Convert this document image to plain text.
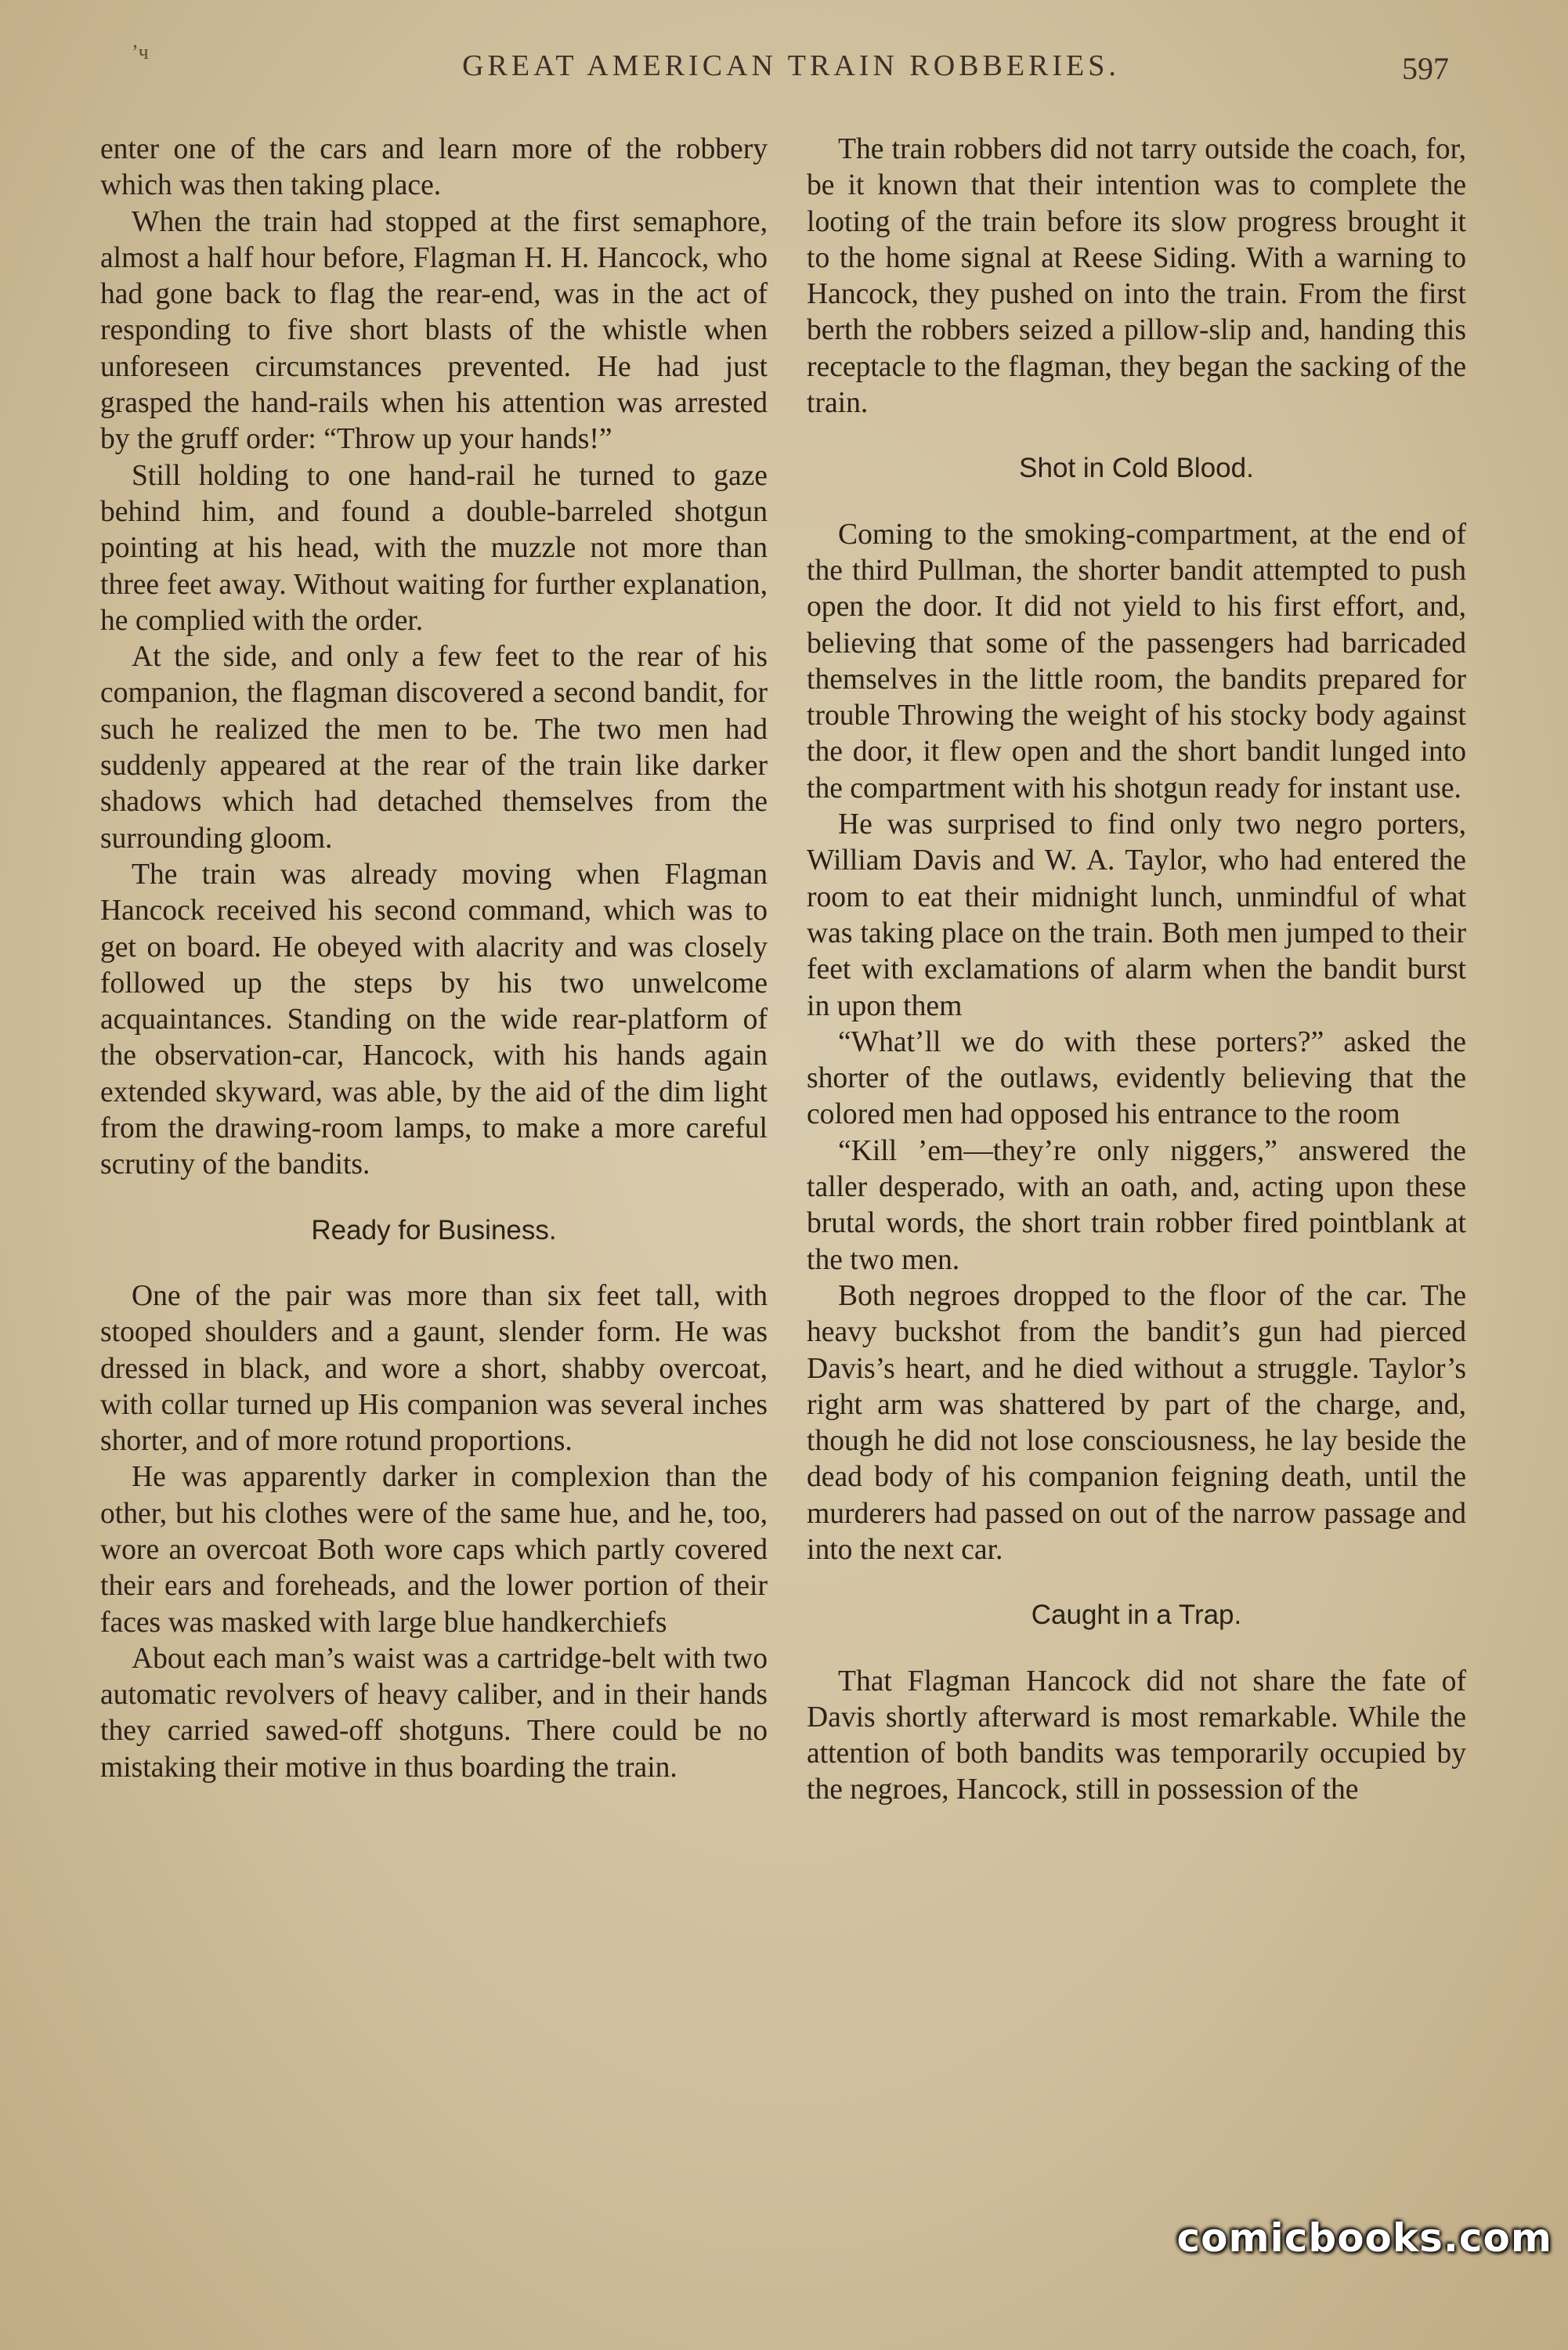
’ч	GREAT AMERICAN TRAIN ROBBERIES.	597

enter one of the cars and learn more of the robbery which was then taking place.

When the train had stopped at the first semaphore, almost a half hour before, Flagman H. H. Hancock, who had gone back to flag the rear-end, was in the act of responding to five short blasts of the whistle when unforeseen circumstances prevented. He had just grasped the hand-rails when his attention was arrested by the gruff order: “Throw up your hands!”

Still holding to one hand-rail he turned to gaze behind him, and found a double-barreled shotgun pointing at his head, with the muzzle not more than three feet away. Without waiting for further explanation, he complied with the order.

At the side, and only a few feet to the rear of his companion, the flagman discovered a second bandit, for such he realized the men to be. The two men had suddenly appeared at the rear of the train like darker shadows which had detached themselves from the surrounding gloom.

The train was already moving when Flagman Hancock received his second command, which was to get on board. He obeyed with alacrity and was closely followed up the steps by his two unwelcome acquaintances. Standing on the wide rear-platform of the observation-car, Hancock, with his hands again extended skyward, was able, by the aid of the dim light from the drawing-room lamps, to make a more careful scrutiny of the bandits.

Ready for Business.

One of the pair was more than six feet tall, with stooped shoulders and a gaunt, slender form. He was dressed in black, and wore a short, shabby overcoat, with collar turned up His companion was several inches shorter, and of more rotund proportions.

He was apparently darker in complexion than the other, but his clothes were of the same hue, and he, too, wore an overcoat Both wore caps which partly covered their ears and foreheads, and the lower portion of their faces was masked with large blue handkerchiefs

About each man’s waist was a cartridge-belt with two automatic revolvers of heavy caliber, and in their hands they carried sawed-off shotguns. There could be no mistaking their motive in thus boarding the train.

The train robbers did not tarry outside the coach, for, be it known that their intention was to complete the looting of the train before its slow progress brought it to the home signal at Reese Siding. With a warning to Hancock, they pushed on into the train. From the first berth the robbers seized a pillow-slip and, handing this receptacle to the flagman, they began the sacking of the train.

Shot in Cold Blood.

Coming to the smoking-compartment, at the end of the third Pullman, the shorter bandit attempted to push open the door. It did not yield to his first effort, and, believing that some of the passengers had barricaded themselves in the little room, the bandits prepared for trouble Throwing the weight of his stocky body against the door, it flew open and the short bandit lunged into the compartment with his shotgun ready for instant use.

He was surprised to find only two negro porters, William Davis and W. A. Taylor, who had entered the room to eat their midnight lunch, unmindful of what was taking place on the train. Both men jumped to their feet with exclamations of alarm when the bandit burst in upon them

“What’ll we do with these porters?” asked the shorter of the outlaws, evidently believing that the colored men had opposed his entrance to the room

“Kill ’em—they’re only niggers,” answered the taller desperado, with an oath, and, acting upon these brutal words, the short train robber fired pointblank at the two men.

Both negroes dropped to the floor of the car. The heavy buckshot from the bandit’s gun had pierced Davis’s heart, and he died without a struggle. Taylor’s right arm was shattered by part of the charge, and, though he did not lose consciousness, he lay beside the dead body of his companion feigning death, until the murderers had passed on out of the narrow passage and into the next car.

Caught in a Trap.

That Flagman Hancock did not share the fate of Davis shortly afterward is most remarkable. While the attention of both bandits was temporarily occupied by the negroes, Hancock, still in possession of the

comicbooks.com
